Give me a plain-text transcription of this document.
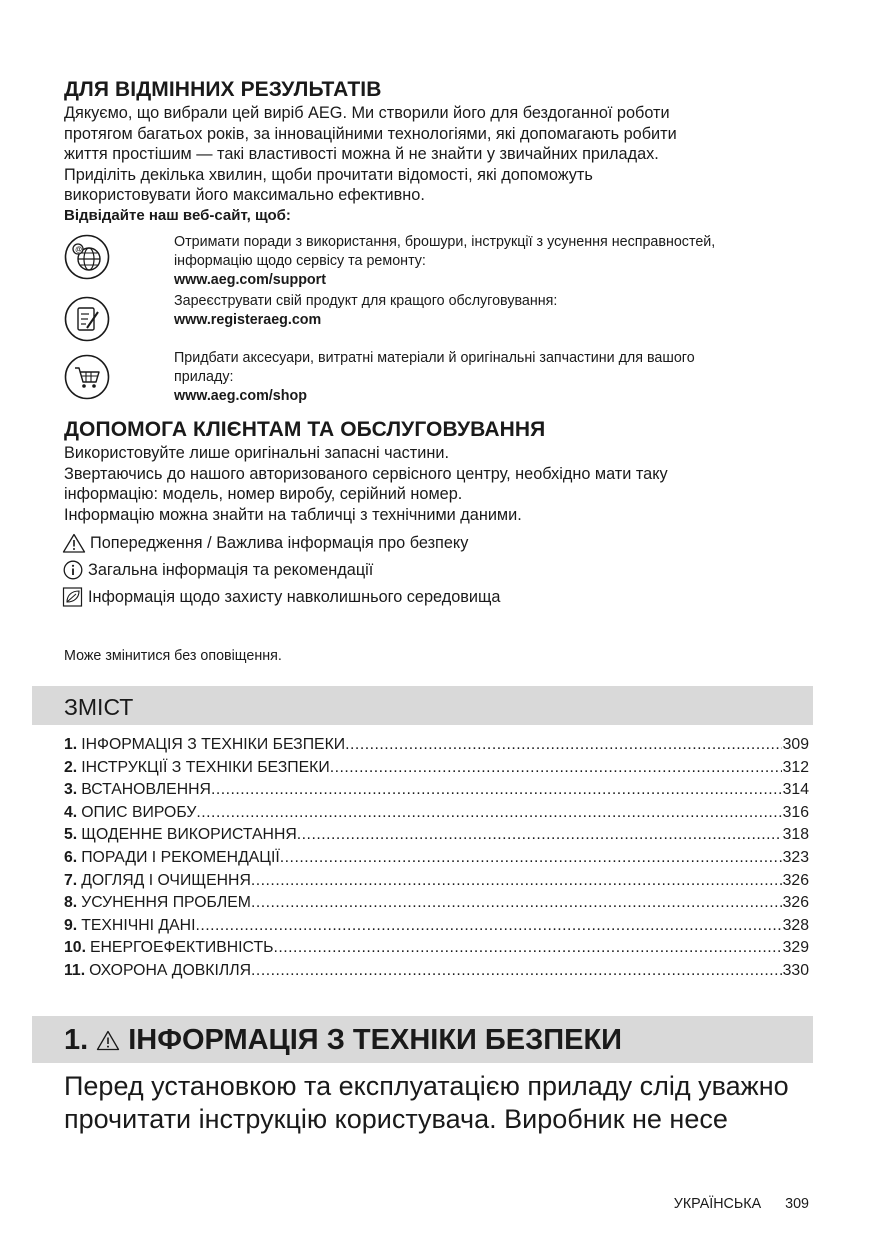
ДЛЯ ВІДМІННИХ РЕЗУЛЬТАТІВ
Дякуємо, що вибрали цей виріб AEG. Ми створили його для бездоганної роботи
протягом багатьох років, за інноваційними технологіями, які допомагають робити
життя простішим — такі властивості можна й не знайти у звичайних приладах.
Приділіть декілька хвилин, щоби прочитати відомості, які допоможуть
використовувати його максимально ефективно.
Відвідайте наш веб-сайт, щоб:
@
Отримати поради з використання, брошури, інструкції з усунення несправностей,
інформацію щодо сервісу та ремонту:
www.aeg.com/support
Зареєструвати свій продукт для кращого обслуговування:
www.registeraeg.com
Придбати аксесуари, витратні матеріали й оригінальні запчастини для вашого
приладу:
www.aeg.com/shop
ДОПОМОГА КЛІЄНТАМ ТА ОБСЛУГОВУВАННЯ
Використовуйте лише оригінальні запасні частини.
Звертаючись до нашого авторизованого сервісного центру, необхідно мати таку
інформацію: модель, номер виробу, серійний номер.
Інформацію можна знайти на табличці з технічними даними.
Попередження / Важлива інформація про безпеку
Загальна інформація та рекомендації
Інформація щодо захисту навколишнього середовища
Може змінитися без оповіщення.
ЗМІСТ
1. ІНФОРМАЦІЯ З ТЕХНІКИ БЕЗПЕКИ .....	309
2. ІНСТРУКЦІЇ З ТЕХНІКИ БЕЗПЕКИ .....	312
3. ВСТАНОВЛЕННЯ .....	314
4. ОПИС ВИРОБУ .....	316
5. ЩОДЕННЕ ВИКОРИСТАННЯ .....	318
6. ПОРАДИ І РЕКОМЕНДАЦІЇ .....	323
7. ДОГЛЯД І ОЧИЩЕННЯ .....	326
8. УСУНЕННЯ ПРОБЛЕМ .....	326
9. ТЕХНІЧНІ ДАНІ .....	328
10. ЕНЕРГОЕФЕКТИВНІСТЬ .....	329
11. ОХОРОНА ДОВКІЛЛЯ .....	330
1. ІНФОРМАЦІЯ З ТЕХНІКИ БЕЗПЕКИ
Перед установкою та експлуатацією приладу слід уважно
прочитати інструкцію користувача. Виробник не несе
УКРАЇНСЬКА 309
